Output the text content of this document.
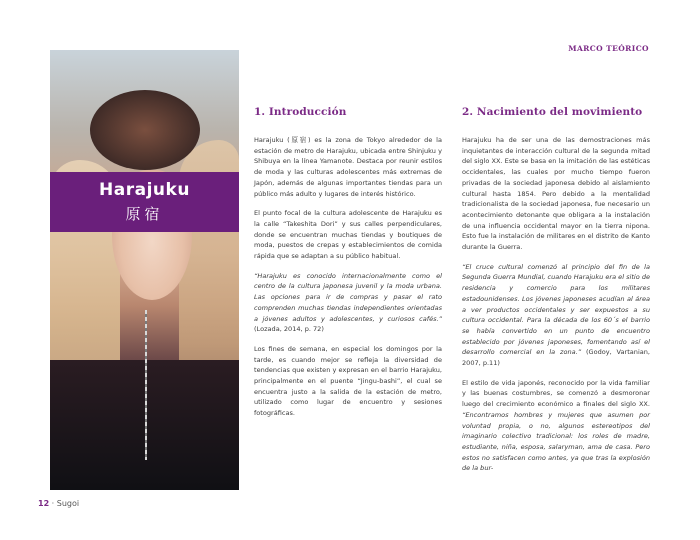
MARCO TEÓRICO
Harajuku
原宿
12 · Sugoi
1. Introducción

Harajuku (原宿) es la zona de Tokyo alrededor de la estación de metro de Harajuku, ubicada entre Shinjuku y Shibuya en la línea Yamanote. Destaca por reunir estilos de moda y las culturas adolescentes más extremas de Japón, además de algunas importantes tiendas para un público más adulto y lugares de interés histórico.

El punto focal de la cultura adolescente de Harajuku es la calle “Takeshita Dori” y sus calles perpendiculares, donde se encuentran muchas tiendas y boutiques de moda, puestos de crepas y establecimientos de comida rápida que se adaptan a su público habitual.

“Harajuku es conocido internacionalmente como el centro de la cultura japonesa juvenil y la moda urbana. Las opciones para ir de compras y pasar el rato comprenden muchas tiendas independientes orientadas a jóvenes adultos y adolescentes, y curiosos cafés.” (Lozada, 2014, p. 72)

Los fines de semana, en especial los domingos por la tarde, es cuando mejor se refleja la diversidad de tendencias que existen y expresan en el barrio Harajuku, principalmente en el puente “Jingu-bashi”, el cual se encuentra justo a la salida de la estación de metro, utilizado como lugar de encuentro y sesiones fotográficas.

2. Nacimiento del movimiento

Harajuku ha de ser una de las demostraciones más inquietantes de interacción cultural de la segunda mitad del siglo XX. Este se basa en la imitación de las estéticas occidentales, las cuales por mucho tiempo fueron privadas de la sociedad japonesa debido al aislamiento cultural hasta 1854. Pero debido a la mentalidad tradicionalista de la sociedad japonesa, fue necesario un acontecimiento detonante que obligara a la instalación de una influencia occidental mayor en la tierra nipona. Esto fue la instalación de militares en el distrito de Kanto durante la Guerra.

“El cruce cultural comenzó al principio del fin de la Segunda Guerra Mundial, cuando Harajuku era el sitio de residencia y comercio para los militares estadounidenses. Los jóvenes japoneses acudían al área a ver productos occidentales y ser expuestos a su cultura occidental. Para la década de los 60´s el barrio se había convertido en un punto de encuentro establecido por jóvenes japoneses, fomentando así el desarrollo comercial en la zona.” (Godoy, Vartanian, 2007, p.11)

El estilo de vida japonés, reconocido por la vida familiar y las buenas costumbres, se comenzó a desmoronar luego del crecimiento económico a finales del siglo XX. “Encontramos hombres y mujeres que asumen por voluntad propia, o no, algunos estereotipos del imaginario colectivo tradicional: los roles de madre, estudiante, niña, esposa, salaryman, ama de casa. Pero estos no satisfacen como antes, ya que tras la explosión de la bur-
